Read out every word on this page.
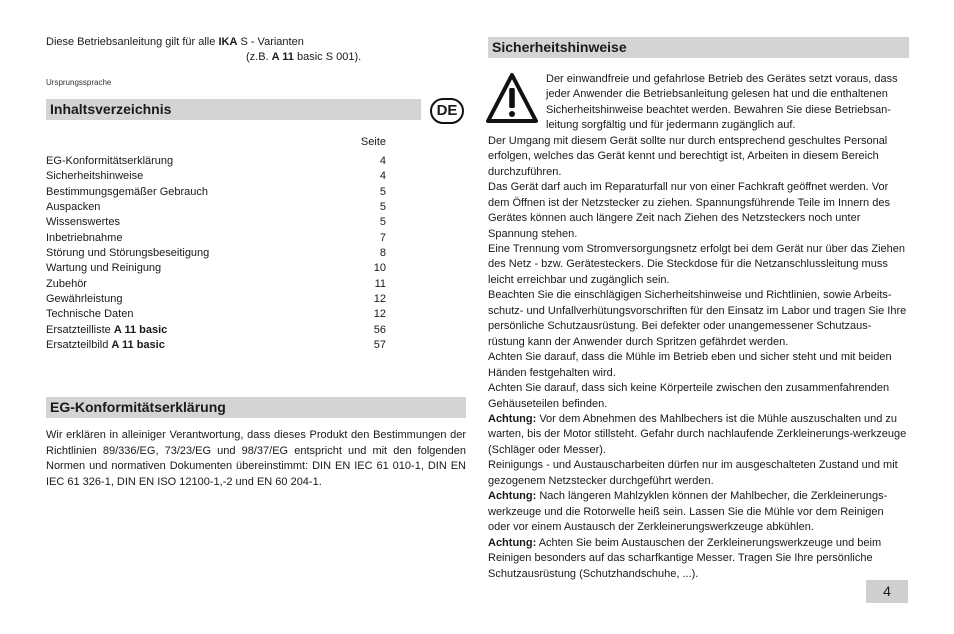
Diese Betriebsanleitung gilt für alle IKA S - Varianten
(z.B. A 11 basic S 001).
Ursprungssprache
Inhaltsverzeichnis	DE
Seite
EG-Konformitätserklärung	4
Sicherheitshinweise	4
Bestimmungsgemäßer Gebrauch	5
Auspacken	5
Wissenswertes	5
Inbetriebnahme	7
Störung und Störungsbeseitigung	8
Wartung und Reinigung	10
Zubehör	11
Gewährleistung	12
Technische Daten	12
Ersatzteilliste A 11 basic	56
Ersatzteilbild A 11 basic	57
EG-Konformitätserklärung
Wir erklären in alleiniger Verantwortung, dass dieses Produkt den Bestimmungen der Richtlinien 89/336/EG, 73/23/EG und 98/37/EG entspricht und mit den folgenden Normen und normativen Dokumenten übereinstimmt: DIN EN IEC 61 010-1, DIN EN IEC 61 326-1, DIN EN ISO 12100-1,-2 und EN 60 204-1.
Sicherheitshinweise
Der einwandfreie und gefahrlose Betrieb des Gerätes setzt voraus, dass
jeder Anwender die Betriebsanleitung gelesen hat und die enthaltenen
Sicherheitshinweise beachtet werden. Bewahren Sie diese Betriebsan-
leitung sorgfältig und für jedermann zugänglich auf.

Der Umgang mit diesem Gerät sollte nur durch entsprechend geschultes Personal erfolgen, welches das Gerät kennt und berechtigt ist, Arbeiten in diesem Bereich durchzuführen.

Das Gerät darf auch im Reparaturfall nur von einer Fachkraft geöffnet werden. Vor dem Öffnen ist der Netzstecker zu ziehen. Spannungsführende Teile im Innern des Gerätes können auch längere Zeit nach Ziehen des Netzsteckers noch unter Spannung stehen.

Eine Trennung vom Stromversorgungsnetz erfolgt bei dem Gerät nur über das Ziehen des Netz - bzw. Gerätesteckers. Die Steckdose für die Netzanschlussleitung muss leicht erreichbar und zugänglich sein.

Beachten Sie die einschlägigen Sicherheitshinweise und Richtlinien, sowie Arbeits-schutz- und Unfallverhütungsvorschriften für den Einsatz im Labor und tragen Sie Ihre persönliche Schutzausrüstung. Bei defekter oder unangemessener Schutzaus-rüstung kann der Anwender durch Spritzen gefährdet werden.

Achten Sie darauf, dass die Mühle im Betrieb eben und sicher steht und mit beiden Händen festgehalten wird.

Achten Sie darauf, dass sich keine Körperteile zwischen den zusammenfahrenden Gehäuseteilen befinden.

Achtung: Vor dem Abnehmen des Mahlbechers ist die Mühle auszuschalten und zu warten, bis der Motor stillsteht. Gefahr durch nachlaufende Zerkleinerungs-werkzeuge (Schläger oder Messer).

Reinigungs - und Austauscharbeiten dürfen nur im ausgeschalteten Zustand und mit gezogenem Netzstecker durchgeführt werden.

Achtung: Nach längeren Mahlzyklen können der Mahlbecher, die Zerkleinerungs-werkzeuge und die Rotorwelle heiß sein. Lassen Sie die Mühle vor dem Reinigen oder vor einem Austausch der Zerkleinerungswerkzeuge abkühlen.

Achtung: Achten Sie beim Austauschen der Zerkleinerungswerkzeuge und beim Reinigen besonders auf das scharfkantige Messer. Tragen Sie Ihre persönliche Schutzausrüstung (Schutzhandschuhe, ...).

4
